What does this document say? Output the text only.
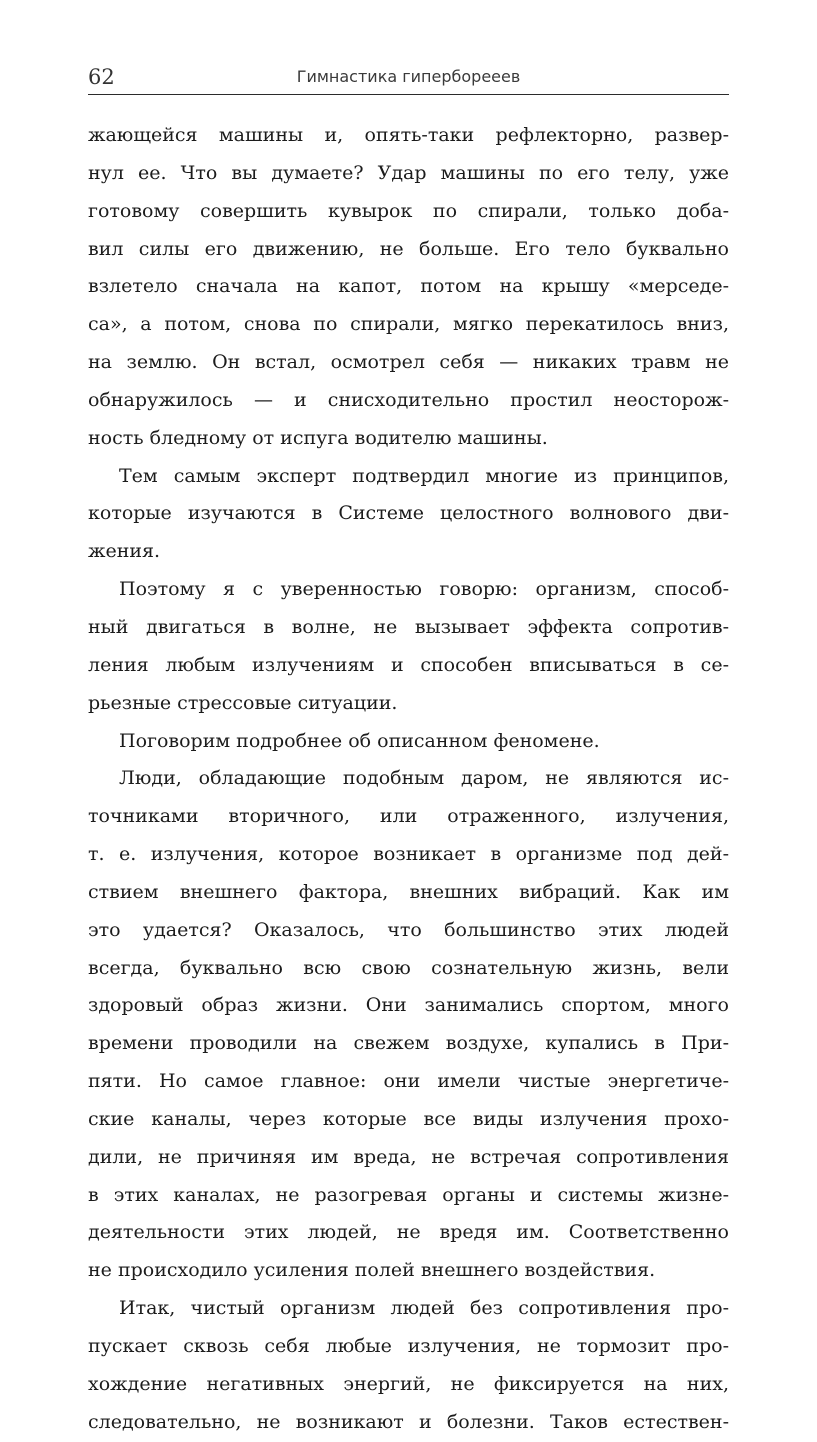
62	Гимнастика гиперборееев
жающейся машины и, опять-таки рефлекторно, развер-
нул ее. Что вы думаете? Удар машины по его телу, уже
готовому совершить кувырок по спирали, только доба-
вил силы его движению, не больше. Его тело буквально
взлетело сначала на капот, потом на крышу «мерседе-
са», а потом, снова по спирали, мягко перекатилось вниз,
на землю. Он встал, осмотрел себя — никаких травм не
обнаружилось — и снисходительно простил неосторож-
ность бледному от испуга водителю машины.
Тем самым эксперт подтвердил многие из принципов,
которые изучаются в Системе целостного волнового дви-
жения.
Поэтому я с уверенностью говорю: организм, способ-
ный двигаться в волне, не вызывает эффекта сопротив-
ления любым излучениям и способен вписываться в се-
рьезные стрессовые ситуации.
Поговорим подробнее об описанном феномене.
Люди, обладающие подобным даром, не являются ис-
точниками вторичного, или отраженного, излучения,
т. е. излучения, которое возникает в организме под дей-
ствием внешнего фактора, внешних вибраций. Как им
это удается? Оказалось, что большинство этих людей
всегда, буквально всю свою сознательную жизнь, вели
здоровый образ жизни. Они занимались спортом, много
времени проводили на свежем воздухе, купались в При-
пяти. Но самое главное: они имели чистые энергетиче-
ские каналы, через которые все виды излучения прохо-
дили, не причиняя им вреда, не встречая сопротивления
в этих каналах, не разогревая органы и системы жизне-
деятельности этих людей, не вредя им. Соответственно
не происходило усиления полей внешнего воздействия.
Итак, чистый организм людей без сопротивления про-
пускает сквозь себя любые излучения, не тормозит про-
хождение негативных энергий, не фиксируется на них,
следовательно, не возникают и болезни. Таков естествен-
